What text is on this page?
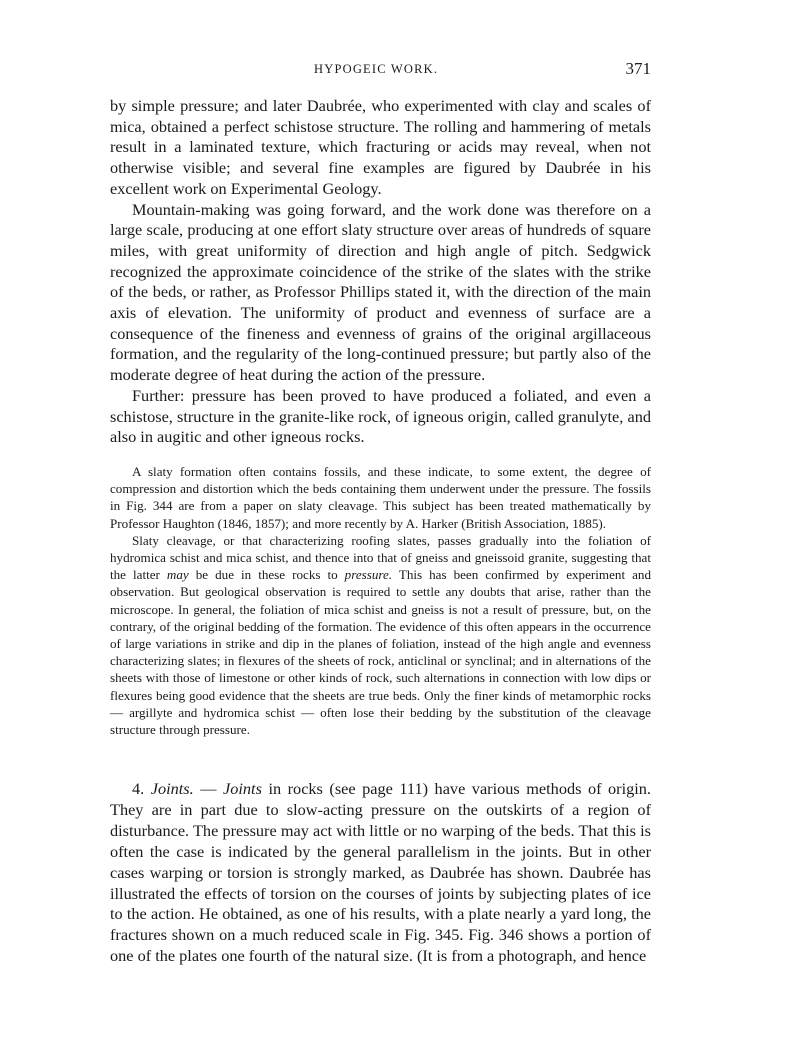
HYPOGEIC WORK.	371

by simple pressure; and later Daubrée, who experimented with clay and scales of mica, obtained a perfect schistose structure. The rolling and hammering of metals result in a laminated texture, which fracturing or acids may reveal, when not otherwise visible; and several fine examples are figured by Daubrée in his excellent work on Experimental Geology.

Mountain-making was going forward, and the work done was therefore on a large scale, producing at one effort slaty structure over areas of hundreds of square miles, with great uniformity of direction and high angle of pitch. Sedgwick recognized the approximate coincidence of the strike of the slates with the strike of the beds, or rather, as Professor Phillips stated it, with the direction of the main axis of elevation. The uniformity of product and evenness of surface are a consequence of the fineness and evenness of grains of the original argillaceous formation, and the regularity of the long-continued pressure; but partly also of the moderate degree of heat during the action of the pressure.

Further: pressure has been proved to have produced a foliated, and even a schistose, structure in the granite-like rock, of igneous origin, called granulyte, and also in augitic and other igneous rocks.

A slaty formation often contains fossils, and these indicate, to some extent, the degree of compression and distortion which the beds containing them underwent under the pressure. The fossils in Fig. 344 are from a paper on slaty cleavage. This subject has been treated mathematically by Professor Haughton (1846, 1857); and more recently by A. Harker (British Association, 1885).

Slaty cleavage, or that characterizing roofing slates, passes gradually into the foliation of hydromica schist and mica schist, and thence into that of gneiss and gneissoid granite, suggesting that the latter may be due in these rocks to pressure. This has been confirmed by experiment and observation. But geological observation is required to settle any doubts that arise, rather than the microscope. In general, the foliation of mica schist and gneiss is not a result of pressure, but, on the contrary, of the original bedding of the formation. The evidence of this often appears in the occurrence of large variations in strike and dip in the planes of foliation, instead of the high angle and evenness characterizing slates; in flexures of the sheets of rock, anticlinal or synclinal; and in alternations of the sheets with those of limestone or other kinds of rock, such alternations in connection with low dips or flexures being good evidence that the sheets are true beds. Only the finer kinds of metamorphic rocks — argillyte and hydromica schist — often lose their bedding by the substitution of the cleavage structure through pressure.

4. Joints. — Joints in rocks (see page 111) have various methods of origin. They are in part due to slow-acting pressure on the outskirts of a region of disturbance. The pressure may act with little or no warping of the beds. That this is often the case is indicated by the general parallelism in the joints. But in other cases warping or torsion is strongly marked, as Daubrée has shown. Daubrée has illustrated the effects of torsion on the courses of joints by subjecting plates of ice to the action. He obtained, as one of his results, with a plate nearly a yard long, the fractures shown on a much reduced scale in Fig. 345. Fig. 346 shows a portion of one of the plates one fourth of the natural size. (It is from a photograph, and hence
